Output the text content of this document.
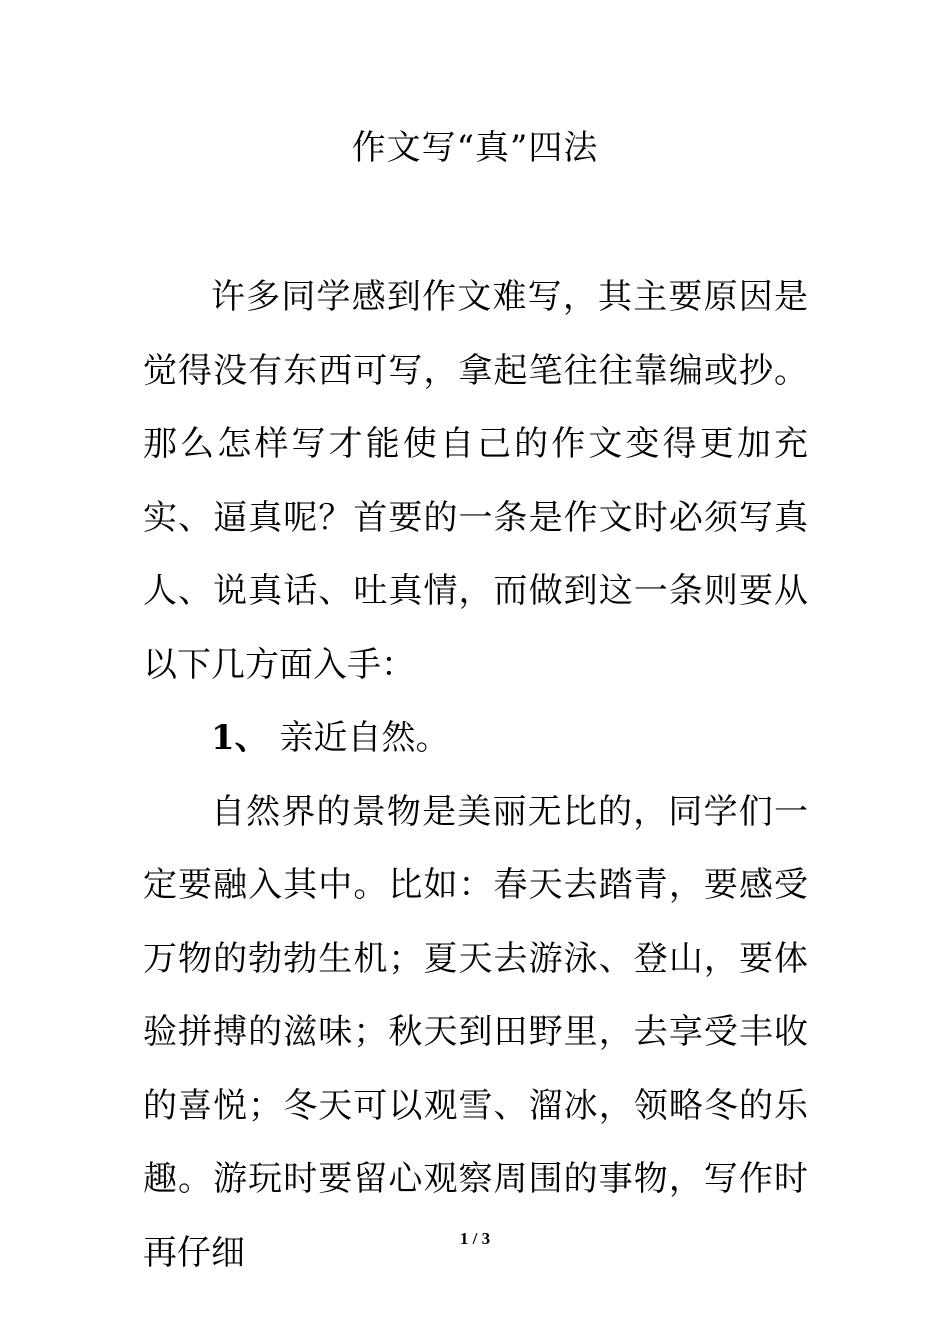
作文写“真”四法

许多同学感到作文难写，其主要原因是觉得没有东西可写，拿起笔往往靠编或抄。那么怎样写才能使自己的作文变得更加充实、逼真呢？首要的一条是作文时必须写真人、说真话、吐真情，而做到这一条则要从以下几方面入手：

1、 亲近自然。

自然界的景物是美丽无比的，同学们一定要融入其中。比如：春天去踏青，要感受万物的勃勃生机；夏天去游泳、登山，要体验拼搏的滋味；秋天到田野里，去享受丰收的喜悦；冬天可以观雪、溜冰，领略冬的乐趣。游玩时要留心观察周围的事物，写作时再仔细	1 / 3
